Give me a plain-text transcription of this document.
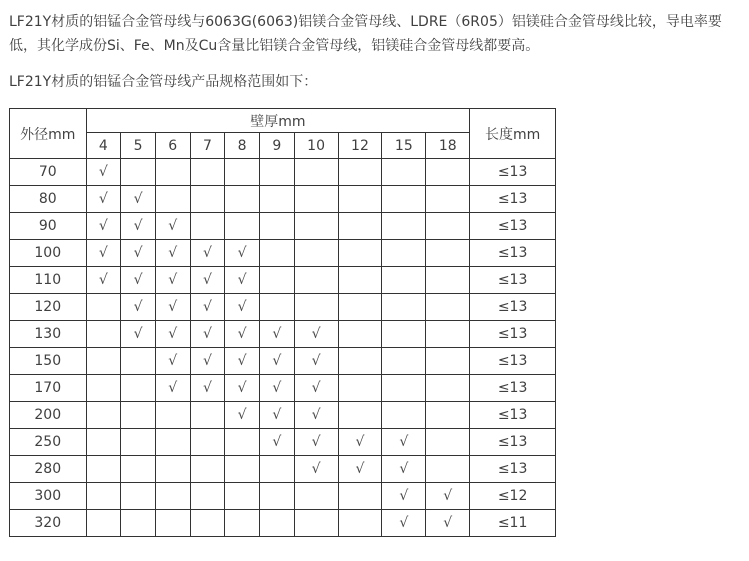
LF21Y材质的铝锰合金管母线与6063G(6063)铝镁合金管母线、LDRE（6R05）铝镁硅合金管母线比较，导电率要低，其化学成份Si、Fe、Mn及Cu含量比铝镁合金管母线，铝镁硅合金管母线都要高。

LF21Y材质的铝锰合金管母线产品规格范围如下：

外径mm	壁厚mm										长度mm
	4	5	6	7	8	9	10	12	15	18	
70	√										≤13
80	√	√									≤13
90	√	√	√								≤13
100	√	√	√	√	√						≤13
110	√	√	√	√	√						≤13
120		√	√	√	√						≤13
130		√	√	√	√	√	√				≤13
150			√	√	√	√	√				≤13
170			√	√	√	√	√				≤13
200					√	√	√				≤13
250						√	√	√	√		≤13
280							√	√	√		≤13
300									√	√	≤12
320									√	√	≤11
